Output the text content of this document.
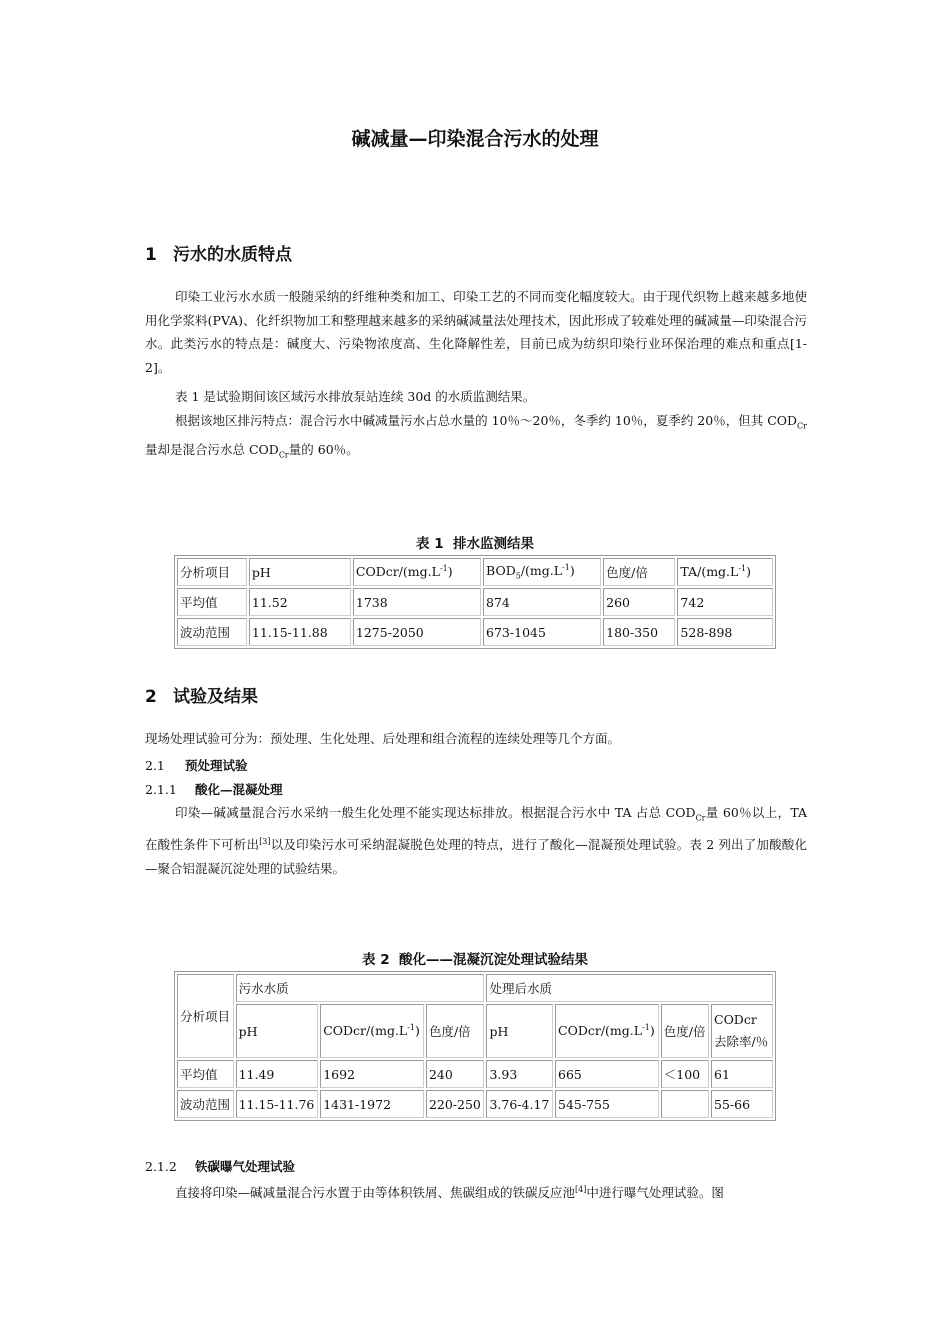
碱减量—印染混合污水的处理
1 污水的水质特点
印染工业污水水质一般随采纳的纤维种类和加工、印染工艺的不同而变化幅度较大。由于现代织物上越来越多地使用化学浆料(PVA)、化纤织物加工和整理越来越多的采纳碱减量法处理技术，因此形成了较难处理的碱减量—印染混合污水。此类污水的特点是：碱度大、污染物浓度高、生化降解性差，目前已成为纺织印染行业环保治理的难点和重点[1-2]。
表 1 是试验期间该区域污水排放泵站连续 30d 的水质监测结果。
根据该地区排污特点：混合污水中碱减量污水占总水量的 10％～20％，冬季约 10％，夏季约 20％，但其 $COD_{Cr}$量却是混合污水总 $COD_{Cr}$量的 60％。
表 1 排水监测结果
分析项目	pH	CODcr/$(mg.L^{-1})$	$BOD_5/(mg.L^{-1})$	色度/倍	$TA/(mg.L^{-1})$
平均值	11.52	1738	874	260	742
波动范围	11.15-11.88	1275-2050	673-1045	180-350	528-898
2 试验及结果
现场处理试验可分为：预处理、生化处理、后处理和组合流程的连续处理等几个方面。
2.1 预处理试验
2.1.1 酸化—混凝处理
印染—碱减量混合污水采纳一般生化处理不能实现达标排放。根据混合污水中 TA 占总 $COD_{Cr}$量 60％以上，TA 在酸性条件下可析出[3]以及印染污水可采纳混凝脱色处理的特点，进行了酸化—混凝预处理试验。表 2 列出了加酸酸化—聚合铝混凝沉淀处理的试验结果。
表 2 酸化——混凝沉淀处理试验结果
分析项目	污水水质			处理后水质			
	pH	CODcr/$(mg.L^{-1})$	色度/倍	pH	CODcr/$(mg.L^{-1})$	色度/倍	CODcr 去除率/％
平均值	11.49	1692	240	3.93	665	＜100	61
波动范围	11.15-11.76	1431-1972	220-250	3.76-4.17	545-755		55-66
2.1.2 铁碳曝气处理试验
直接将印染—碱减量混合污水置于由等体积铁屑、焦碳组成的铁碳反应池[4]中进行曝气处理试验。图
